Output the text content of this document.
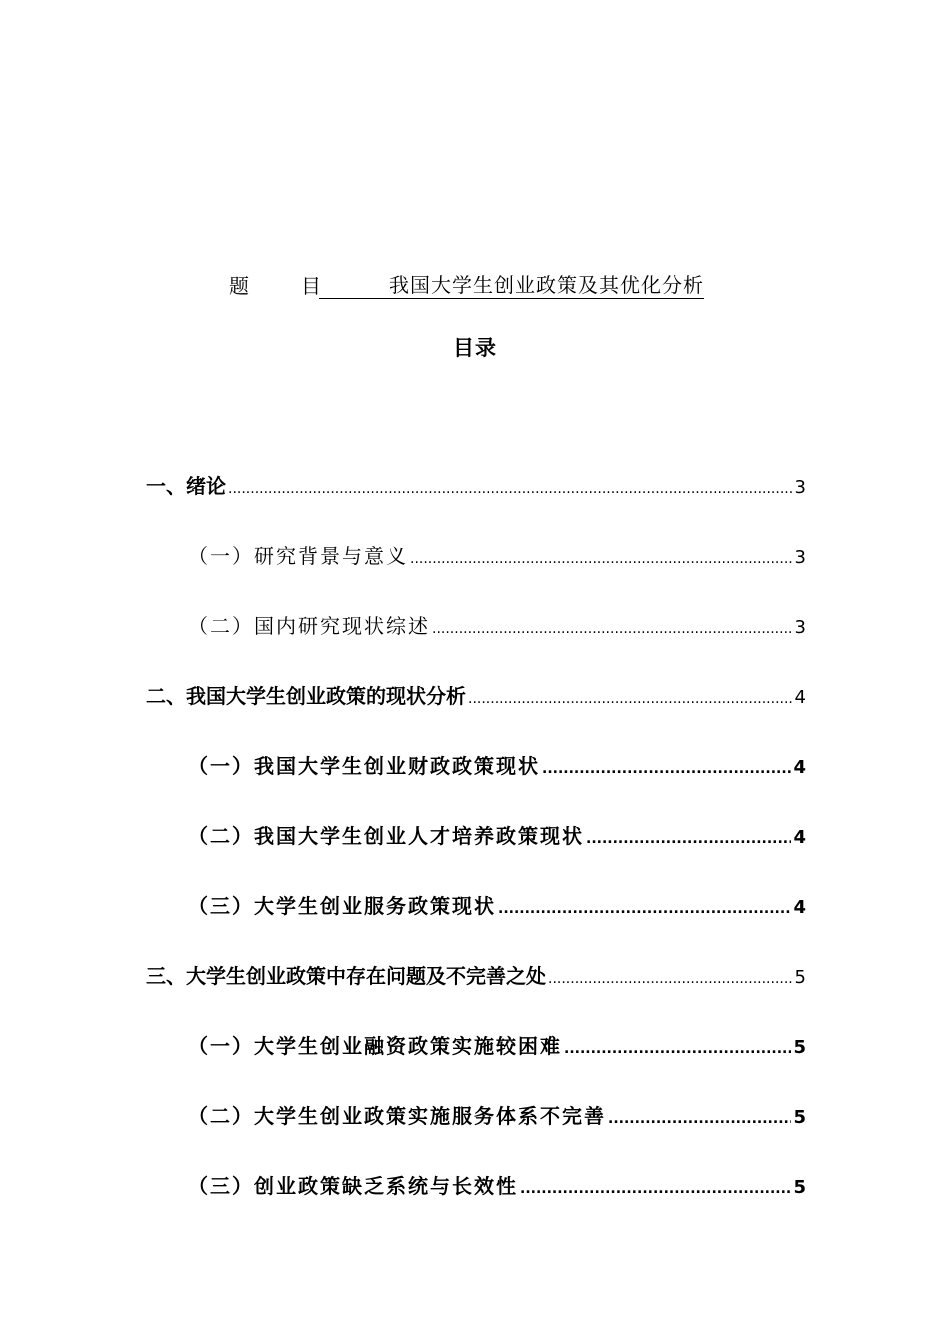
题	目	我国大学生创业政策及其优化分析
目录
一、绪论 .....	3
（一）研究背景与意义 .....	3
（二）国内研究现状综述 .....	3
二、我国大学生创业政策的现状分析 .....	4
（一）我国大学生创业财政政策现状 .....	4
（二）我国大学生创业人才培养政策现状 .....	4
（三）大学生创业服务政策现状 .....	4
三、大学生创业政策中存在问题及不完善之处 .....	5
（一）大学生创业融资政策实施较困难 .....	5
（二）大学生创业政策实施服务体系不完善 .....	5
（三）创业政策缺乏系统与长效性 .....	5
